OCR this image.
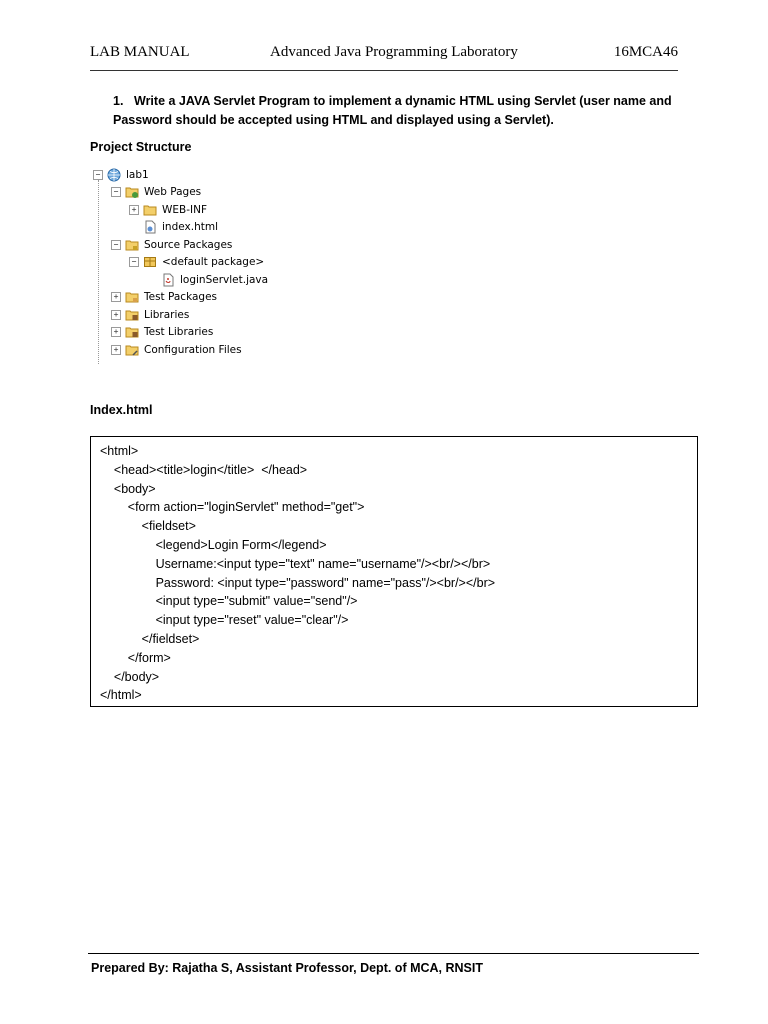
LAB MANUAL	Advanced Java Programming Laboratory	16MCA46
1. Write a JAVA Servlet Program to implement a dynamic HTML using Servlet (user name and Password should be accepted using HTML and displayed using a Servlet).
Project Structure
− lab1
− Web Pages
+ WEB-INF
index.html
− Source Packages
− <default package>
loginServlet.java
+ Test Packages
+ Libraries
+ Test Libraries
+ Configuration Files
Index.html
<html>
<head><title>login</title>  </head>
<body>
<form action="loginServlet" method="get">
<fieldset>
<legend>Login Form</legend>
Username:<input type="text" name="username"/><br/></br>
Password: <input type="password" name="pass"/><br/></br>
<input type="submit" value="send"/>
<input type="reset" value="clear"/>
</fieldset>
</form>
</body>
</html>
Prepared By: Rajatha S, Assistant Professor, Dept. of MCA, RNSIT
